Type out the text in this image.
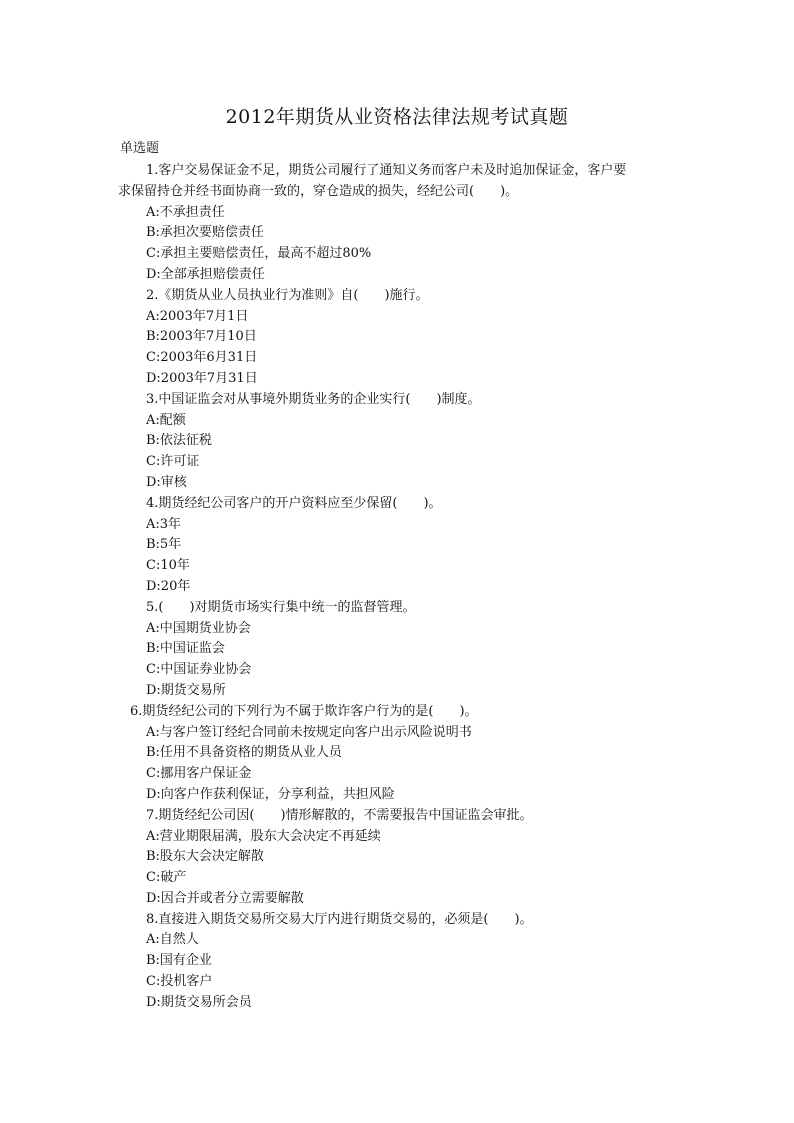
2012年期货从业资格法律法规考试真题
单选题
1.客户交易保证金不足，期货公司履行了通知义务而客户未及时追加保证金，客户要
求保留持仓并经书面协商一致的，穿仓造成的损失，经纪公司(　　)。
A:不承担责任
B:承担次要赔偿责任
C:承担主要赔偿责任，最高不超过80%
D:全部承担赔偿责任
2.《期货从业人员执业行为准则》自(　　)施行。
A:2003年7月1日
B:2003年7月10日
C:2003年6月31日
D:2003年7月31日
3.中国证监会对从事境外期货业务的企业实行(　　)制度。
A:配额
B:依法征税
C:许可证
D:审核
4.期货经纪公司客户的开户资料应至少保留(　　)。
A:3年
B:5年
C:10年
D:20年
5.(　　)对期货市场实行集中统一的监督管理。
A:中国期货业协会
B:中国证监会
C:中国证券业协会
D:期货交易所
6.期货经纪公司的下列行为不属于欺诈客户行为的是(　　)。
A:与客户签订经纪合同前未按规定向客户出示风险说明书
B:任用不具备资格的期货从业人员
C:挪用客户保证金
D:向客户作获利保证，分享利益，共担风险
7.期货经纪公司因(　　)情形解散的，不需要报告中国证监会审批。
A:营业期限届满，股东大会决定不再延续
B:股东大会决定解散
C:破产
D:因合并或者分立需要解散
8.直接进入期货交易所交易大厅内进行期货交易的，必须是(　　)。
A:自然人
B:国有企业
C:投机客户
D:期货交易所会员
